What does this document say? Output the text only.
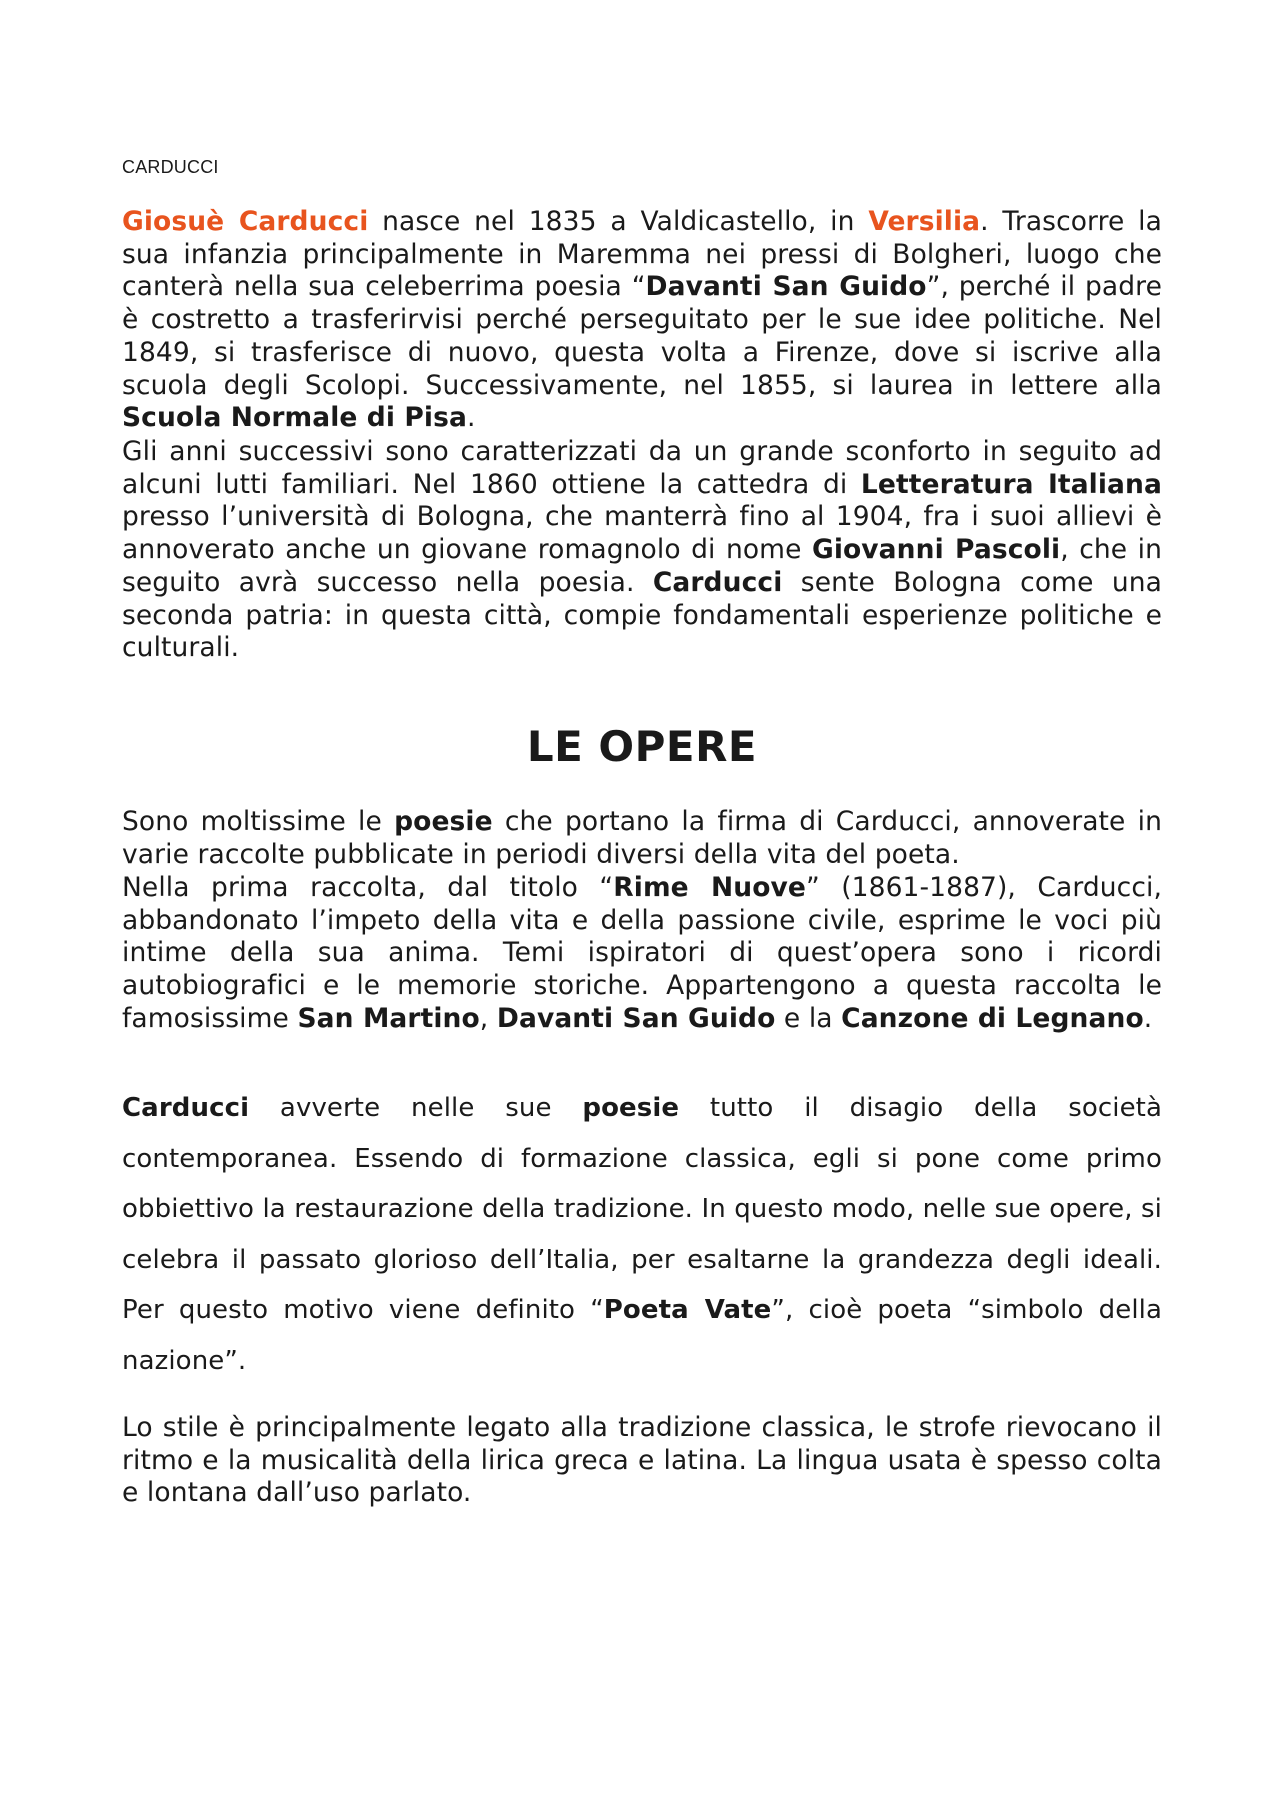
CARDUCCI

Giosuè Carducci nasce nel 1835 a Valdicastello, in Versilia. Trascorre la sua infanzia principalmente in Maremma nei pressi di Bolgheri, luogo che canterà nella sua celeberrima poesia “Davanti San Guido”, perché il padre è costretto a trasferirvisi perché perseguitato per le sue idee politiche. Nel 1849, si trasferisce di nuovo, questa volta a Firenze, dove si iscrive alla scuola degli Scolopi. Successivamente, nel 1855, si laurea in lettere alla Scuola Normale di Pisa.

Gli anni successivi sono caratterizzati da un grande sconforto in seguito ad alcuni lutti familiari. Nel 1860 ottiene la cattedra di Letteratura Italiana presso l’università di Bologna, che manterrà fino al 1904, fra i suoi allievi è annoverato anche un giovane romagnolo di nome Giovanni Pascoli, che in seguito avrà successo nella poesia. Carducci sente Bologna come una seconda patria: in questa città, compie fondamentali esperienze politiche e culturali.

LE OPERE

Sono moltissime le poesie che portano la firma di Carducci, annoverate in varie raccolte pubblicate in periodi diversi della vita del poeta.

Nella prima raccolta, dal titolo “Rime Nuove” (1861-1887), Carducci, abbandonato l’impeto della vita e della passione civile, esprime le voci più intime della sua anima. Temi ispiratori di quest’opera sono i ricordi autobiografici e le memorie storiche. Appartengono a questa raccolta le famosissime San Martino, Davanti San Guido e la Canzone di Legnano.

Carducci avverte nelle sue poesie tutto il disagio della società contemporanea. Essendo di formazione classica, egli si pone come primo obbiettivo la restaurazione della tradizione. In questo modo, nelle sue opere, si celebra il passato glorioso dell’Italia, per esaltarne la grandezza degli ideali. Per questo motivo viene definito “Poeta Vate”, cioè poeta “simbolo della nazione”.

Lo stile è principalmente legato alla tradizione classica, le strofe rievocano il ritmo e la musicalità della lirica greca e latina. La lingua usata è spesso colta e lontana dall’uso parlato.
